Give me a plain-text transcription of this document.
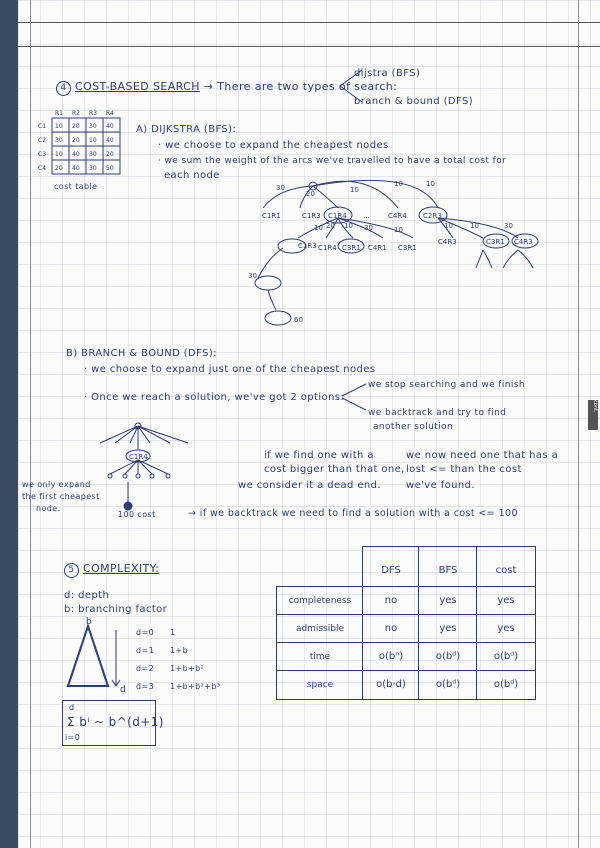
4 COST-BASED SEARCH → There are two types of search:
dijstra (BFS)
branch & bound (DFS)
R1 R2 R3 R4
C1 10 20 30 40
C2 30 20 10 40
C3 10 40 30 20
C4 20 40 30 50
cost table
A) DIJKSTRA (BFS):
· we choose to expand the cheapest nodes
· we sum the weight of the arcs we've travelled to have a total cost for
each node
30
20	10
10	10
10 20 10 30	10	10 10	30
30
C1R1	C1R3 C1R4 ...	C4R4 C2R3
C1R3 C1R4 C3R1 C4R1 C3R1
C4R3	C3R1 C4R3
60
B) BRANCH & BOUND (DFS):
· we choose to expand just one of the cheapest nodes
· Once we reach a solution, we've got 2 options:
we stop searching and we finish
we backtrack and try to find
another solution
C1R4
we only expand
the first cheapest
node.
100 cost
if we find one with a
cost bigger than that one,
we consider it a dead end.
we now need one that has a
lost <= than the cost
we've found.
→ if we backtrack we need to find a solution with a cost <= 100
5 COMPLEXITY:
d: depth
b: branching factor
b
d
d=0 1
d=1 1+b
d=2 1+b+b²
d=3 1+b+b²+b³
d
Σ bⁱ ~ b^(d+1)
i=0
DFS	BFS	cost
completeness	no	yes	yes
admissible	no	yes	yes
time	o(bⁿ)	o(bᵈ)	o(bᵈ)
space	o(b·d)	o(bᵈ)	o(bᵈ)
cont.
